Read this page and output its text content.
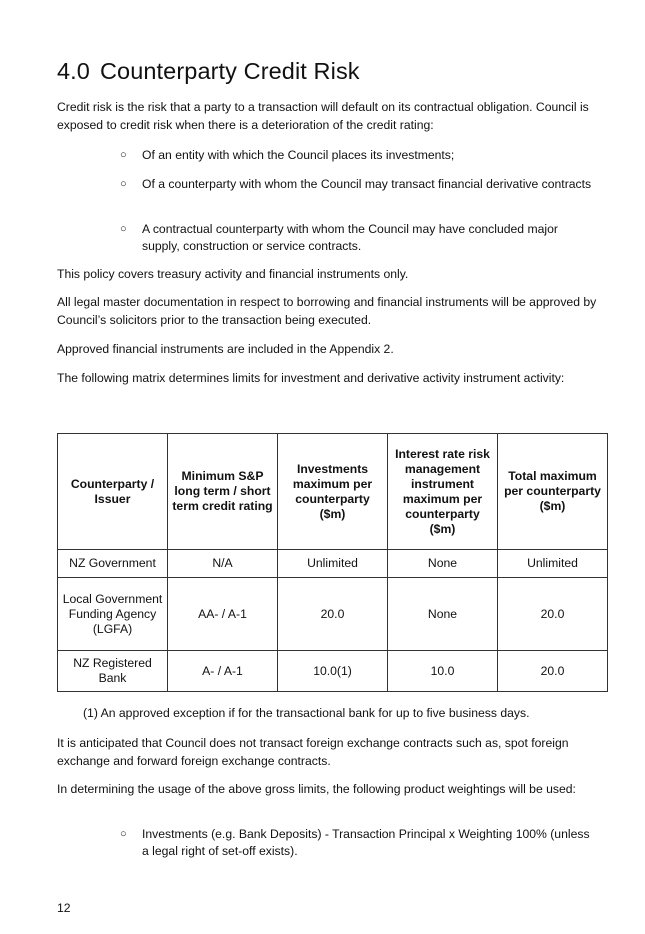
4.0 Counterparty Credit Risk

Credit risk is the risk that a party to a transaction will default on its contractual obligation. Council is exposed to credit risk when there is a deterioration of the credit rating:

○ Of an entity with which the Council places its investments;
○ Of a counterparty with whom the Council may transact financial derivative contracts
○ A contractual counterparty with whom the Council may have concluded major supply, construction or service contracts.

This policy covers treasury activity and financial instruments only.

All legal master documentation in respect to borrowing and financial instruments will be approved by Council’s solicitors prior to the transaction being executed.

Approved financial instruments are included in the Appendix 2.

The following matrix determines limits for investment and derivative activity instrument activity:

Counterparty / Issuer	Minimum S&P long term / short term credit rating	Investments maximum per counterparty ($m)	Interest rate risk management instrument maximum per counterparty ($m)	Total maximum per counterparty ($m)
NZ Government	N/A	Unlimited	None	Unlimited
Local Government Funding Agency (LGFA)	AA- / A-1	20.0	None	20.0
NZ Registered Bank	A- / A-1	10.0(1)	10.0	20.0
(1) An approved exception if for the transactional bank for up to five business days.

It is anticipated that Council does not transact foreign exchange contracts such as, spot foreign exchange and forward foreign exchange contracts.

In determining the usage of the above gross limits, the following product weightings will be used:

○ Investments (e.g. Bank Deposits) - Transaction Principal x Weighting 100% (unless a legal right of set-off exists).
12
